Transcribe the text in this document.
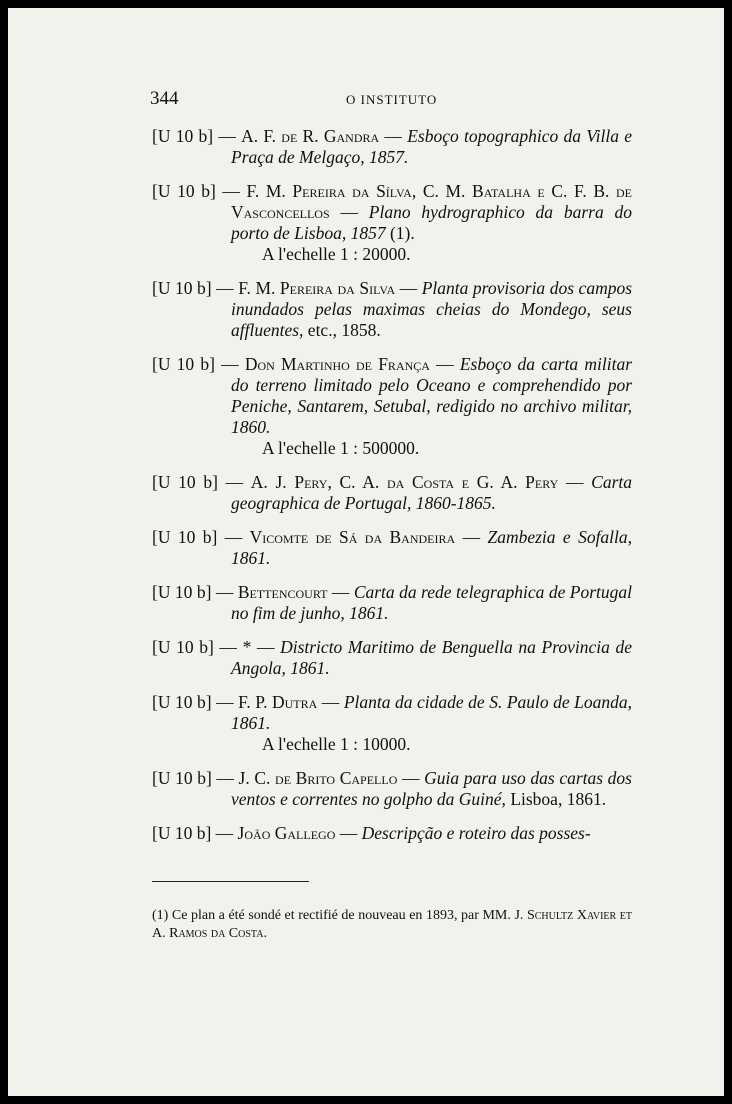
344	O INSTITUTO
[U 10 b] — A. F. de R. Gandra — Esboço topographico da Villa e Praça de Melgaço, 1857.
[U 10 b] — F. M. Pereira da Sílva, C. M. Batalha e C. F. B. de Vasconcellos — Plano hydrographico da barra do porto de Lisboa, 1857 (1).
A l'echelle 1 : 20000.
[U 10 b] — F. M. Pereira da Silva — Planta provisoria dos campos inundados pelas maximas cheias do Mondego, seus affluentes, etc., 1858.
[U 10 b] — Don Martinho de França — Esboço da carta militar do terreno limitado pelo Oceano e comprehendido por Peniche, Santarem, Setubal, redigido no archivo militar, 1860.
A l'echelle 1 : 500000.
[U 10 b] — A. J. Pery, C. A. da Costa e G. A. Pery — Carta geographica de Portugal, 1860-1865.
[U 10 b] — Vicomte de Sá da Bandeira — Zambezia e Sofalla, 1861.
[U 10 b] — Bettencourt — Carta da rede telegraphica de Portugal no fim de junho, 1861.
[U 10 b] — * — Districto Maritimo de Benguella na Provincia de Angola, 1861.
[U 10 b] — F. P. Dutra — Planta da cidade de S. Paulo de Loanda, 1861.
A l'echelle 1 : 10000.
[U 10 b] — J. C. de Brito Capello — Guia para uso das cartas dos ventos e correntes no golpho da Guiné, Lisboa, 1861.
[U 10 b] — João Gallego — Descripção e roteiro das posses-
(1) Ce plan a été sondé et rectifié de nouveau en 1893, par MM. J. Schultz Xavier et A. Ramos da Costa.
